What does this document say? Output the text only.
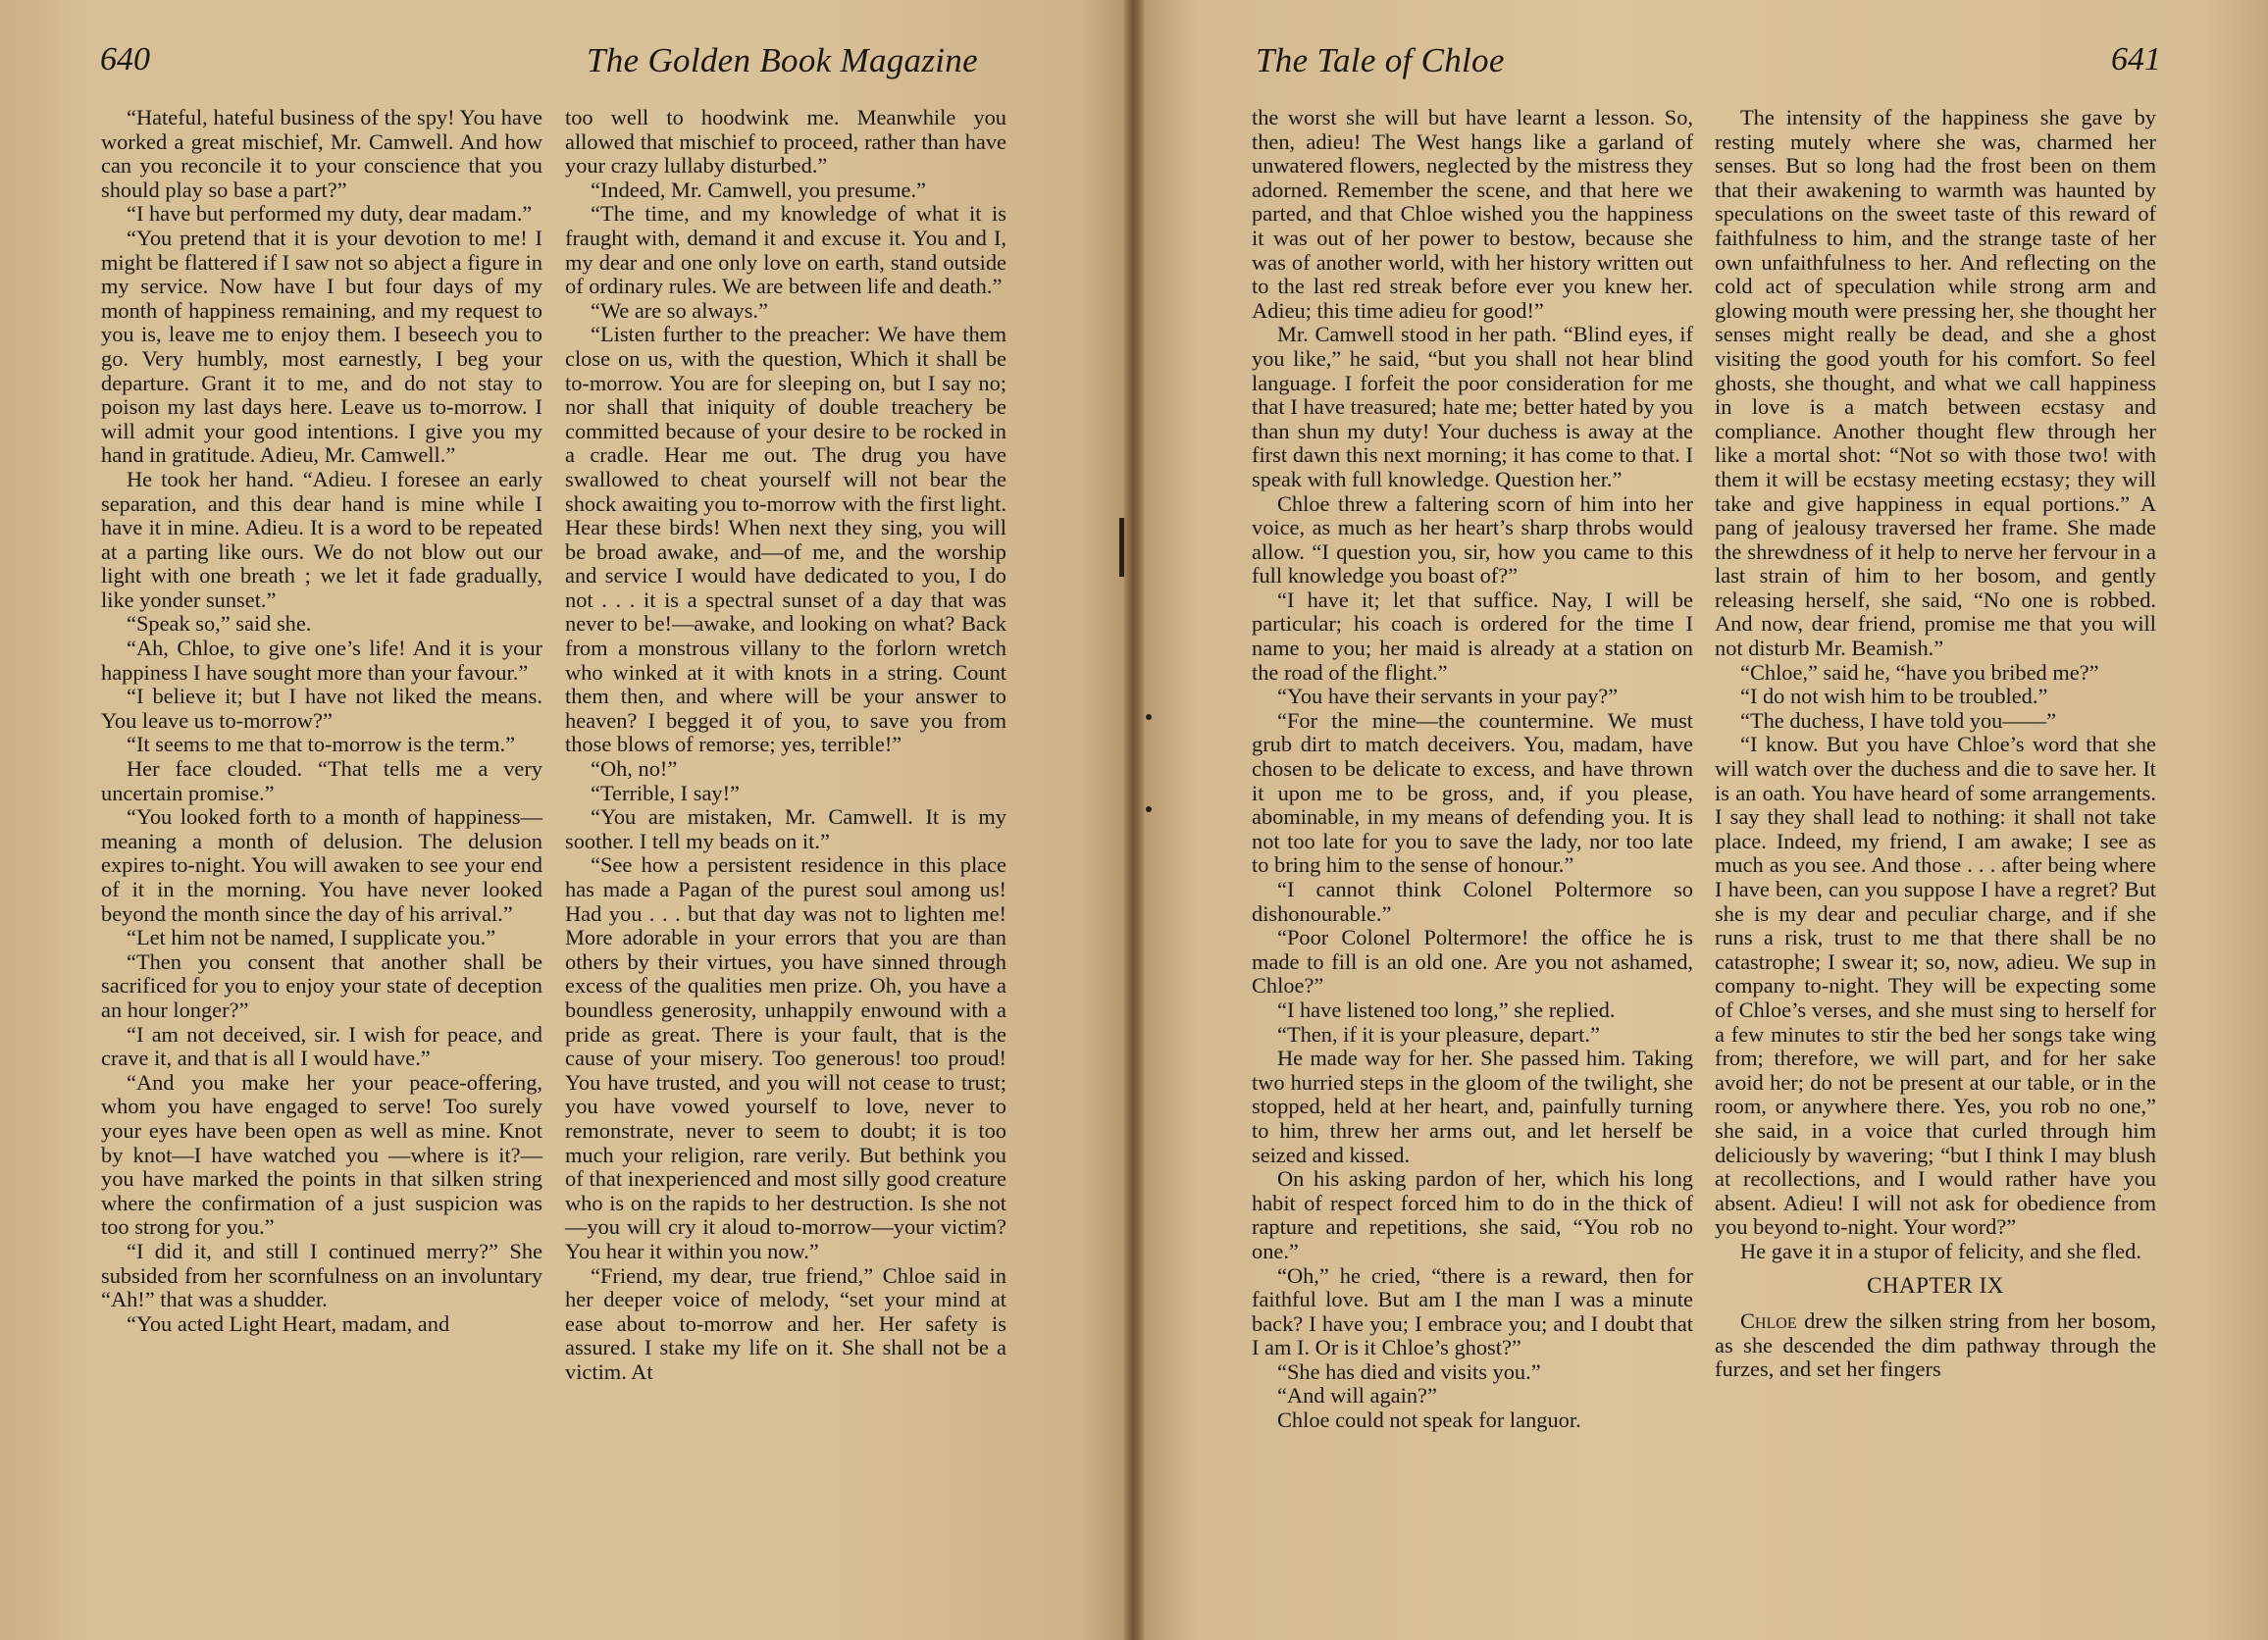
640	The Golden Book Magazine

“Hateful, hateful business of the spy! You have worked a great mischief, Mr. Camwell. And how can you reconcile it to your conscience that you should play so base a part?”

“I have but performed my duty, dear madam.”

“You pretend that it is your devotion to me! I might be flattered if I saw not so abject a figure in my service. Now have I but four days of my month of happiness remaining, and my request to you is, leave me to enjoy them. I beseech you to go. Very humbly, most earnestly, I beg your departure. Grant it to me, and do not stay to poison my last days here. Leave us to-morrow. I will admit your good intentions. I give you my hand in gratitude. Adieu, Mr. Camwell.”

He took her hand. “Adieu. I foresee an early separation, and this dear hand is mine while I have it in mine. Adieu. It is a word to be repeated at a parting like ours. We do not blow out our light with one breath ; we let it fade gradually, like yonder sunset.”

“Speak so,” said she.

“Ah, Chloe, to give one’s life! And it is your happiness I have sought more than your favour.”

“I believe it; but I have not liked the means. You leave us to-morrow?”

“It seems to me that to-morrow is the term.”

Her face clouded. “That tells me a very uncertain promise.”

“You looked forth to a month of happiness—meaning a month of delusion. The delusion expires to-night. You will awaken to see your end of it in the morning. You have never looked beyond the month since the day of his arrival.”

“Let him not be named, I supplicate you.”

“Then you consent that another shall be sacrificed for you to enjoy your state of deception an hour longer?”

“I am not deceived, sir. I wish for peace, and crave it, and that is all I would have.”

“And you make her your peace-offering, whom you have engaged to serve! Too surely your eyes have been open as well as mine. Knot by knot—I have watched you —where is it?—you have marked the points in that silken string where the confirmation of a just suspicion was too strong for you.”

“I did it, and still I continued merry?” She subsided from her scornfulness on an involuntary “Ah!” that was a shudder.

“You acted Light Heart, madam, and

too well to hoodwink me. Meanwhile you allowed that mischief to proceed, rather than have your crazy lullaby disturbed.”

“Indeed, Mr. Camwell, you presume.”

“The time, and my knowledge of what it is fraught with, demand it and excuse it. You and I, my dear and one only love on earth, stand outside of ordinary rules. We are between life and death.”

“We are so always.”

“Listen further to the preacher: We have them close on us, with the question, Which it shall be to-morrow. You are for sleeping on, but I say no; nor shall that iniquity of double treachery be committed because of your desire to be rocked in a cradle. Hear me out. The drug you have swallowed to cheat yourself will not bear the shock awaiting you to-morrow with the first light. Hear these birds! When next they sing, you will be broad awake, and—of me, and the worship and service I would have dedicated to you, I do not . . . it is a spectral sunset of a day that was never to be!—awake, and looking on what? Back from a monstrous villany to the forlorn wretch who winked at it with knots in a string. Count them then, and where will be your answer to heaven? I begged it of you, to save you from those blows of remorse; yes, terrible!”

“Oh, no!”

“Terrible, I say!”

“You are mistaken, Mr. Camwell. It is my soother. I tell my beads on it.”

“See how a persistent residence in this place has made a Pagan of the purest soul among us! Had you . . . but that day was not to lighten me! More adorable in your errors that you are than others by their virtues, you have sinned through excess of the qualities men prize. Oh, you have a boundless generosity, unhappily enwound with a pride as great. There is your fault, that is the cause of your misery. Too generous! too proud! You have trusted, and you will not cease to trust; you have vowed yourself to love, never to remonstrate, never to seem to doubt; it is too much your religion, rare verily. But bethink you of that inexperienced and most silly good creature who is on the rapids to her destruction. Is she not—you will cry it aloud to-morrow—your victim? You hear it within you now.”

“Friend, my dear, true friend,” Chloe said in her deeper voice of melody, “set your mind at ease about to-morrow and her. Her safety is assured. I stake my life on it. She shall not be a victim. At

The Tale of Chloe	641

the worst she will but have learnt a lesson. So, then, adieu! The West hangs like a garland of unwatered flowers, neglected by the mistress they adorned. Remember the scene, and that here we parted, and that Chloe wished you the happiness it was out of her power to bestow, because she was of another world, with her history written out to the last red streak before ever you knew her. Adieu; this time adieu for good!”

Mr. Camwell stood in her path. “Blind eyes, if you like,” he said, “but you shall not hear blind language. I forfeit the poor consideration for me that I have treasured; hate me; better hated by you than shun my duty! Your duchess is away at the first dawn this next morning; it has come to that. I speak with full knowledge. Question her.”

Chloe threw a faltering scorn of him into her voice, as much as her heart’s sharp throbs would allow. “I question you, sir, how you came to this full knowledge you boast of?”

“I have it; let that suffice. Nay, I will be particular; his coach is ordered for the time I name to you; her maid is already at a station on the road of the flight.”

“You have their servants in your pay?”

“For the mine—the countermine. We must grub dirt to match deceivers. You, madam, have chosen to be delicate to excess, and have thrown it upon me to be gross, and, if you please, abominable, in my means of defending you. It is not too late for you to save the lady, nor too late to bring him to the sense of honour.”

“I cannot think Colonel Poltermore so dishonourable.”

“Poor Colonel Poltermore! the office he is made to fill is an old one. Are you not ashamed, Chloe?”

“I have listened too long,” she replied.

“Then, if it is your pleasure, depart.”

He made way for her. She passed him. Taking two hurried steps in the gloom of the twilight, she stopped, held at her heart, and, painfully turning to him, threw her arms out, and let herself be seized and kissed.

On his asking pardon of her, which his long habit of respect forced him to do in the thick of rapture and repetitions, she said, “You rob no one.”

“Oh,” he cried, “there is a reward, then for faithful love. But am I the man I was a minute back? I have you; I embrace you; and I doubt that I am I. Or is it Chloe’s ghost?”

“She has died and visits you.”

“And will again?”

Chloe could not speak for languor.

The intensity of the happiness she gave by resting mutely where she was, charmed her senses. But so long had the frost been on them that their awakening to warmth was haunted by speculations on the sweet taste of this reward of faithfulness to him, and the strange taste of her own unfaithfulness to her. And reflecting on the cold act of speculation while strong arm and glowing mouth were pressing her, she thought her senses might really be dead, and she a ghost visiting the good youth for his comfort. So feel ghosts, she thought, and what we call happiness in love is a match between ecstasy and compliance. Another thought flew through her like a mortal shot: “Not so with those two! with them it will be ecstasy meeting ecstasy; they will take and give happiness in equal portions.” A pang of jealousy traversed her frame. She made the shrewdness of it help to nerve her fervour in a last strain of him to her bosom, and gently releasing herself, she said, “No one is robbed. And now, dear friend, promise me that you will not disturb Mr. Beamish.”

“Chloe,” said he, “have you bribed me?”

“I do not wish him to be troubled.”

“The duchess, I have told you——”

“I know. But you have Chloe’s word that she will watch over the duchess and die to save her. It is an oath. You have heard of some arrangements. I say they shall lead to nothing: it shall not take place. Indeed, my friend, I am awake; I see as much as you see. And those . . . after being where I have been, can you suppose I have a regret? But she is my dear and peculiar charge, and if she runs a risk, trust to me that there shall be no catastrophe; I swear it; so, now, adieu. We sup in company to-night. They will be expecting some of Chloe’s verses, and she must sing to herself for a few minutes to stir the bed her songs take wing from; therefore, we will part, and for her sake avoid her; do not be present at our table, or in the room, or anywhere there. Yes, you rob no one,” she said, in a voice that curled through him deliciously by wavering; “but I think I may blush at recollections, and I would rather have you absent. Adieu! I will not ask for obedience from you beyond to-night. Your word?”

He gave it in a stupor of felicity, and she fled.

CHAPTER IX

Chloe drew the silken string from her bosom, as she descended the dim pathway through the furzes, and set her fingers
